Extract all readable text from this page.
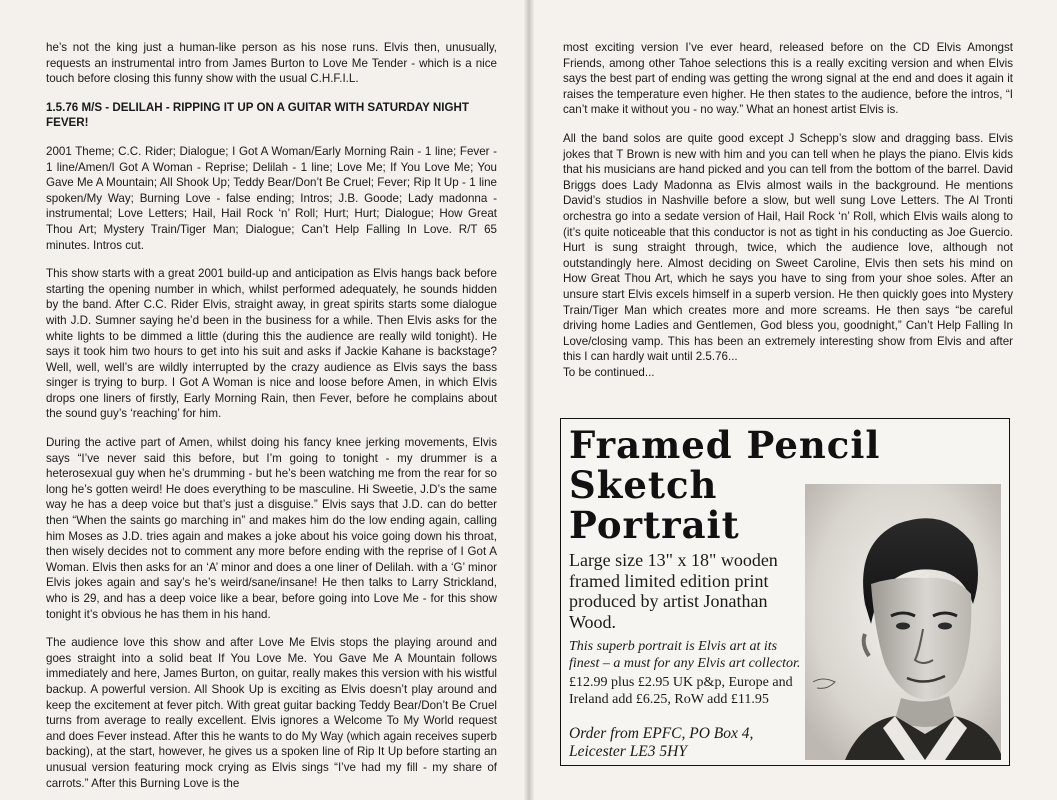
he’s not the king just a human-like person as his nose runs. Elvis then, unusually, requests an instrumental intro from James Burton to Love Me Tender - which is a nice touch before closing this funny show with the usual C.H.F.I.L.

1.5.76 M/S - DELILAH - RIPPING IT UP ON A GUITAR WITH SATURDAY NIGHT FEVER!

2001 Theme; C.C. Rider; Dialogue; I Got A Woman/Early Morning Rain - 1 line; Fever - 1 line/Amen/I Got A Woman - Reprise; Delilah - 1 line; Love Me; If You Love Me; You Gave Me A Mountain; All Shook Up; Teddy Bear/Don’t Be Cruel; Fever; Rip It Up - 1 line spoken/My Way; Burning Love - false ending; Intros; J.B. Goode; Lady madonna - instrumental; Love Letters; Hail, Hail Rock ‘n’ Roll; Hurt; Hurt; Dialogue; How Great Thou Art; Mystery Train/Tiger Man; Dialogue; Can’t Help Falling In Love. R/T 65 minutes. Intros cut.

This show starts with a great 2001 build-up and anticipation as Elvis hangs back before starting the opening number in which, whilst performed adequately, he sounds hidden by the band. After C.C. Rider Elvis, straight away, in great spirits starts some dialogue with J.D. Sumner saying he’d been in the business for a while. Then Elvis asks for the white lights to be dimmed a little (during this the audience are really wild tonight). He says it took him two hours to get into his suit and asks if Jackie Kahane is backstage? Well, well, well’s are wildly interrupted by the crazy audience as Elvis says the bass singer is trying to burp. I Got A Woman is nice and loose before Amen, in which Elvis drops one liners of firstly, Early Morning Rain, then Fever, before he complains about the sound guy’s ‘reaching’ for him.

During the active part of Amen, whilst doing his fancy knee jerking movements, Elvis says “I’ve never said this before, but I’m going to tonight - my drummer is a heterosexual guy when he’s drumming - but he’s been watching me from the rear for so long he’s gotten weird! He does everything to be masculine. Hi Sweetie, J.D’s the same way he has a deep voice but that’s just a disguise.” Elvis says that J.D. can do better then “When the saints go marching in” and makes him do the low ending again, calling him Moses as J.D. tries again and makes a joke about his voice going down his throat, then wisely decides not to comment any more before ending with the reprise of I Got A Woman. Elvis then asks for an ‘A’ minor and does a one liner of Delilah. with a ‘G’ minor Elvis jokes again and say’s he’s weird/sane/insane! He then talks to Larry Strickland, who is 29, and has a deep voice like a bear, before going into Love Me - for this show tonight it’s obvious he has them in his hand.

The audience love this show and after Love Me Elvis stops the playing around and goes straight into a solid beat If You Love Me. You Gave Me A Mountain follows immediately and here, James Burton, on guitar, really makes this version with his wistful backup. A powerful version. All Shook Up is exciting as Elvis doesn’t play around and keep the excitement at fever pitch. With great guitar backing Teddy Bear/Don’t Be Cruel turns from average to really excellent. Elvis ignores a Welcome To My World request and does Fever instead. After this he wants to do My Way (which again receives superb backing), at the start, however, he gives us a spoken line of Rip It Up before starting an unusual version featuring mock crying as Elvis sings “I’ve had my fill - my share of carrots.” After this Burning Love is the

most exciting version I’ve ever heard, released before on the CD Elvis Amongst Friends, among other Tahoe selections this is a really exciting version and when Elvis says the best part of ending was getting the wrong signal at the end and does it again it raises the temperature even higher. He then states to the audience, before the intros, “I can’t make it without you - no way.” What an honest artist Elvis is.

All the band solos are quite good except J Schepp’s slow and dragging bass. Elvis jokes that T Brown is new with him and you can tell when he plays the piano. Elvis kids that his musicians are hand picked and you can tell from the bottom of the barrel. David Briggs does Lady Madonna as Elvis almost wails in the background. He mentions David’s studios in Nashville before a slow, but well sung Love Letters. The Al Tronti orchestra go into a sedate version of Hail, Hail Rock ‘n’ Roll, which Elvis wails along to (it’s quite noticeable that this conductor is not as tight in his conducting as Joe Guercio. Hurt is sung straight through, twice, which the audience love, although not outstandingly here. Almost deciding on Sweet Caroline, Elvis then sets his mind on How Great Thou Art, which he says you have to sing from your shoe soles. After an unsure start Elvis excels himself in a superb version. He then quickly goes into Mystery Train/Tiger Man which creates more and more screams. He then says “be careful driving home Ladies and Gentlemen, God bless you, goodnight,” Can’t Help Falling In Love/closing vamp. This has been an extremely interesting show from Elvis and after this I can hardly wait until 2.5.76...

To be continued...

Framed Pencil
Sketch
Portrait

Large size 13" x 18" wooden framed limited edition print produced by artist Jonathan Wood.

This superb portrait is Elvis art at its finest – a must for any Elvis art collector.

£12.99 plus £2.95 UK p&p, Europe and Ireland add £6.25, RoW add £11.95

Order from EPFC, PO Box 4, Leicester LE3 5HY
